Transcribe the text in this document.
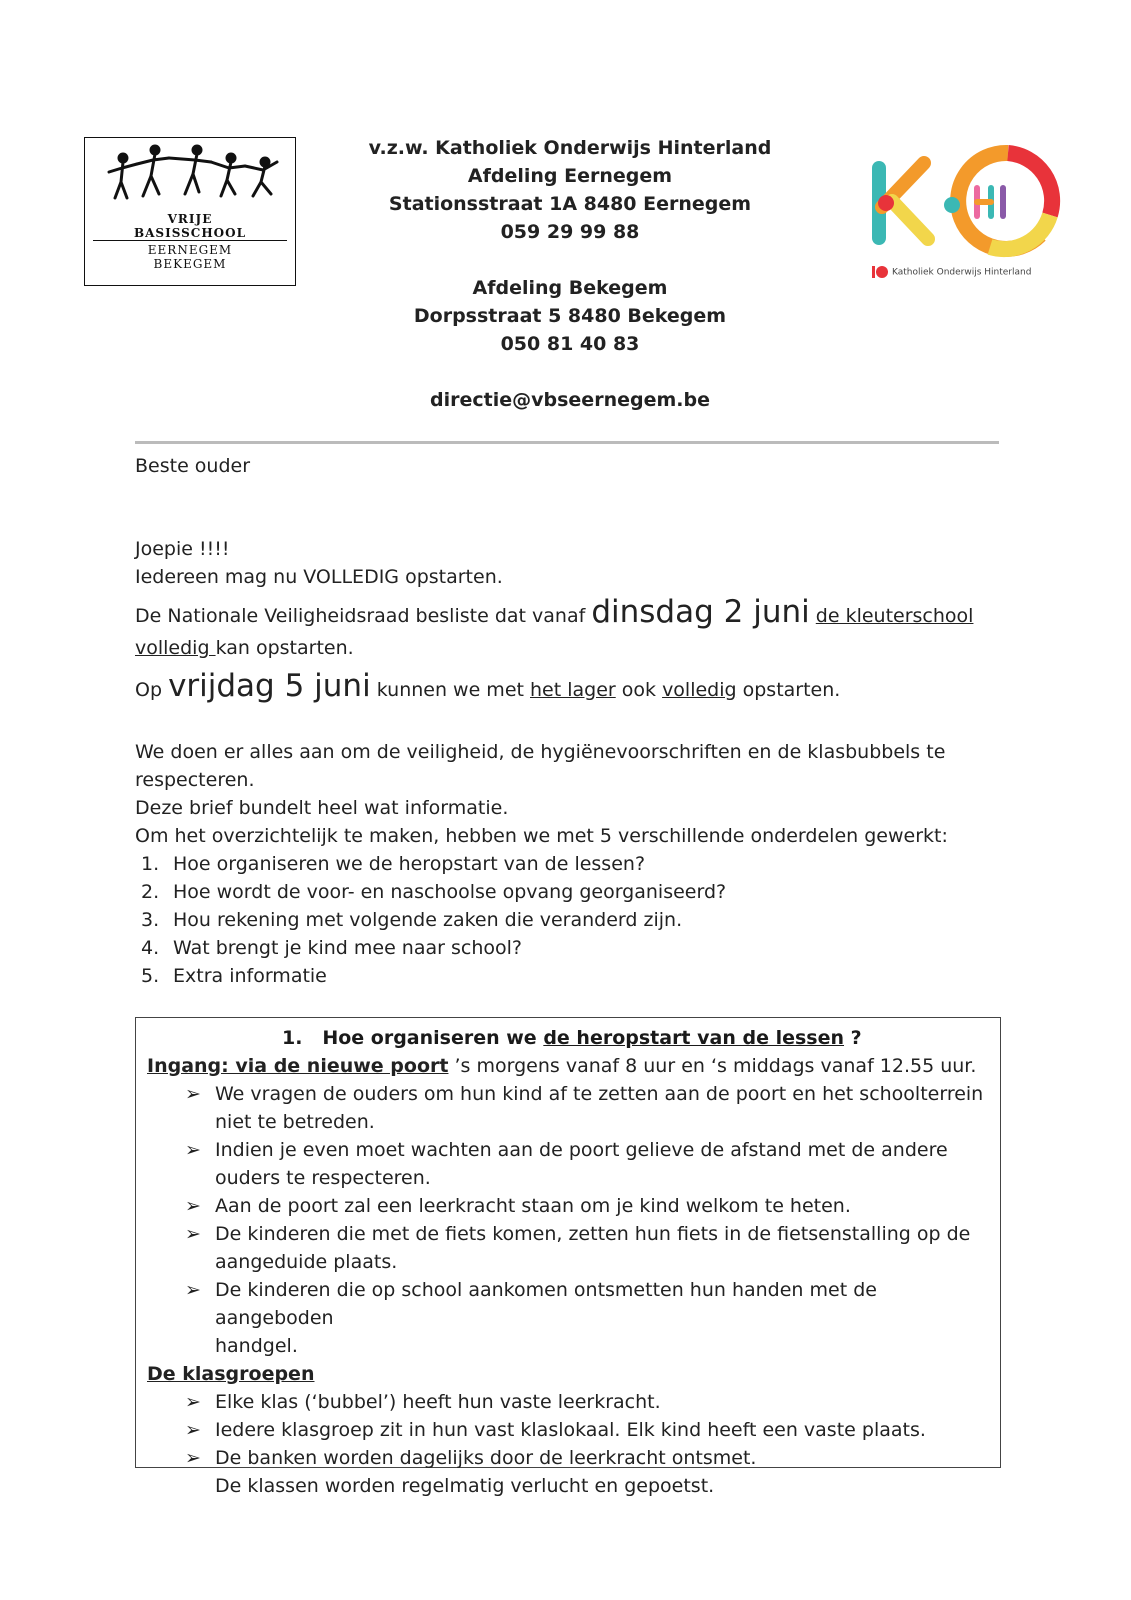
VRIJE
BASISSCHOOL
EERNEGEM
BEKEGEM
v.z.w. Katholiek Onderwijs Hinterland
Afdeling Eernegem
Stationsstraat 1A 8480 Eernegem
059 29 99 88
Afdeling Bekegem
Dorpsstraat 5 8480 Bekegem
050 81 40 83
directie@vbseernegem.be
Katholiek Onderwijs Hinterland
Beste ouder
Joepie !!!!
Iedereen mag nu VOLLEDIG opstarten.
De Nationale Veiligheidsraad besliste dat vanaf dinsdag 2 juni de kleuterschool
volledig kan opstarten.
Op vrijdag 5 juni kunnen we met het lager ook volledig opstarten.
We doen er alles aan om de veiligheid, de hygiënevoorschriften en de klasbubbels te
respecteren.
Deze brief bundelt heel wat informatie.
Om het overzichtelijk te maken, hebben we met 5 verschillende onderdelen gewerkt:
1. Hoe organiseren we de heropstart van de lessen?
2. Hoe wordt de voor- en naschoolse opvang georganiseerd?
3. Hou rekening met volgende zaken die veranderd zijn.
4. Wat brengt je kind mee naar school?
5. Extra informatie
1. Hoe organiseren we de heropstart van de lessen ?
Ingang: via de nieuwe poort ’s morgens vanaf 8 uur en ‘s middags vanaf 12.55 uur.
➢ We vragen de ouders om hun kind af te zetten aan de poort en het schoolterrein
niet te betreden.
➢ Indien je even moet wachten aan de poort gelieve de afstand met de andere
ouders te respecteren.
➢ Aan de poort zal een leerkracht staan om je kind welkom te heten.
➢ De kinderen die met de fiets komen, zetten hun fiets in de fietsenstalling op de
aangeduide plaats.
➢ De kinderen die op school aankomen ontsmetten hun handen met de aangeboden
handgel.
De klasgroepen
➢ Elke klas (‘bubbel’) heeft hun vaste leerkracht.
➢ Iedere klasgroep zit in hun vast klaslokaal. Elk kind heeft een vaste plaats.
➢ De banken worden dagelijks door de leerkracht ontsmet.
De klassen worden regelmatig verlucht en gepoetst.
